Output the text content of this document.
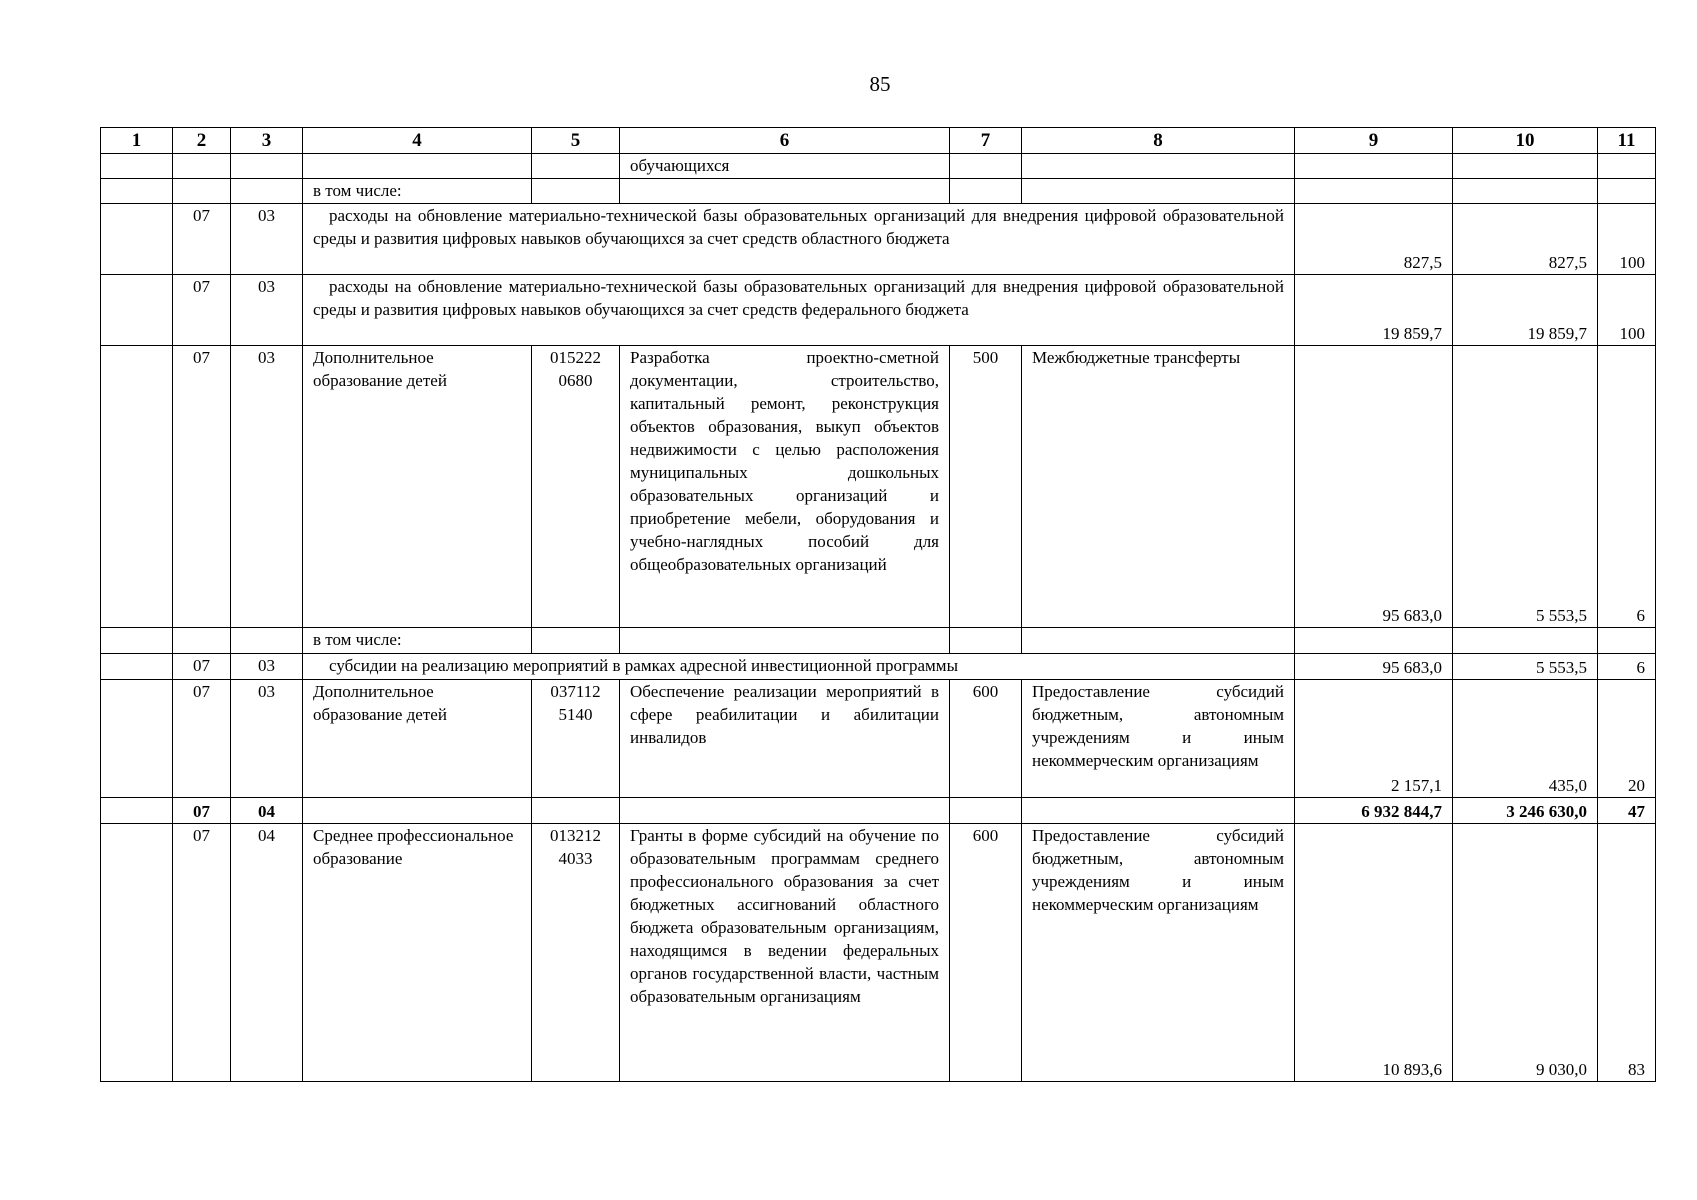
85
1	2	3	4	5	6	7	8	9	10	11
					обучающихся					
			в том числе:							
	07	03	расходы на обновление материально-технической базы образовательных организаций для внедрения цифровой образовательной среды и развития цифровых навыков обучающихся за счет средств областного бюджета					827,5	827,5	100
	07	03	расходы на обновление материально-технической базы образовательных организаций для внедрения цифровой образовательной среды и развития цифровых навыков обучающихся за счет средств федерального бюджета					19 859,7	19 859,7	100
	07	03	Дополнительное образование детей	015222 0680	Разработка проектно-сметной документации, строительство, капитальный ремонт, реконструкция объектов образования, выкуп объектов недвижимости с целью расположения муниципальных дошкольных образовательных организаций и приобретение мебели, оборудования и учебно-наглядных пособий для общеобразовательных организаций	500	Межбюджетные трансферты	95 683,0	5 553,5	6
			в том числе:							
	07	03	субсидии на реализацию мероприятий в рамках адресной инвестиционной программы					95 683,0	5 553,5	6
	07	03	Дополнительное образование детей	037112 5140	Обеспечение реализации мероприятий в сфере реабилитации и абилитации инвалидов	600	Предоставление субсидий бюджетным, автономным учреждениям и иным некоммерческим организациям	2 157,1	435,0	20
	07	04						6 932 844,7	3 246 630,0	47
	07	04	Среднее профессиональное образование	013212 4033	Гранты в форме субсидий на обучение по образовательным программам среднего профессионального образования за счет бюджетных ассигнований областного бюджета образовательным организациям, находящимся в ведении федеральных органов государственной власти, частным образовательным организациям	600	Предоставление субсидий бюджетным, автономным учреждениям и иным некоммерческим организациям	10 893,6	9 030,0	83
